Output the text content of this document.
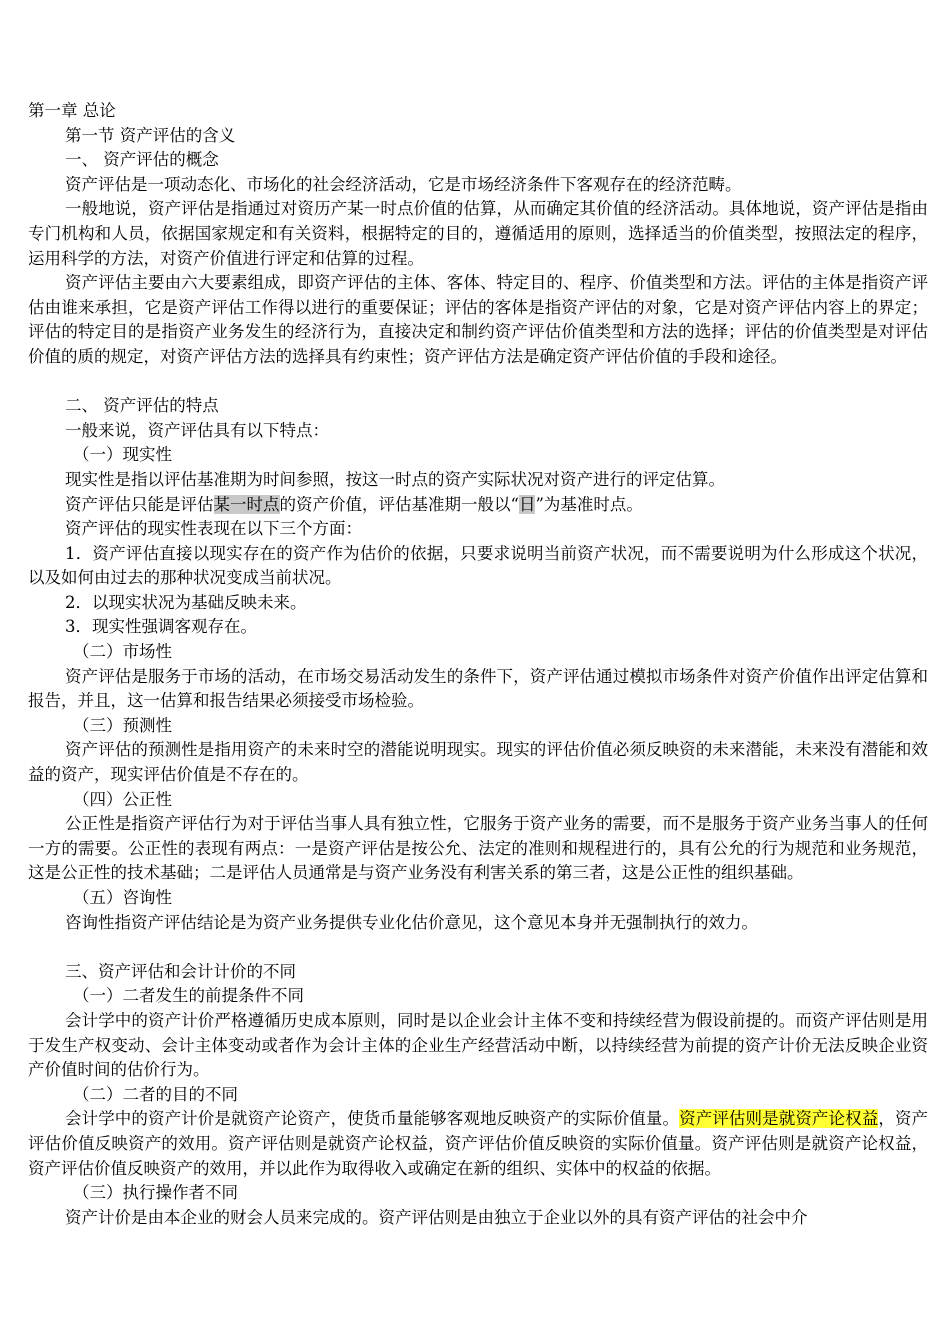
第一章 总论

第一节 资产评估的含义

一、 资产评估的概念

资产评估是一项动态化、市场化的社会经济活动，它是市场经济条件下客观存在的经济范畴。

一般地说，资产评估是指通过对资历产某一时点价值的估算，从而确定其价值的经济活动。具体地说，资产评估是指由专门机构和人员，依据国家规定和有关资料，根据特定的目的，遵循适用的原则，选择适当的价值类型，按照法定的程序，运用科学的方法，对资产价值进行评定和估算的过程。

资产评估主要由六大要素组成，即资产评估的主体、客体、特定目的、程序、价值类型和方法。评估的主体是指资产评估由谁来承担，它是资产评估工作得以进行的重要保证；评估的客体是指资产评估的对象，它是对资产评估内容上的界定；评估的特定目的是指资产业务发生的经济行为，直接决定和制约资产评估价值类型和方法的选择；评估的价值类型是对评估价值的质的规定，对资产评估方法的选择具有约束性；资产评估方法是确定资产评估价值的手段和途径。

二、 资产评估的特点

一般来说，资产评估具有以下特点：

（一）现实性

现实性是指以评估基准期为时间参照，按这一时点的资产实际状况对资产进行的评定估算。

资产评估只能是评估某一时点的资产价值，评估基准期一般以“日”为基准时点。

资产评估的现实性表现在以下三个方面：

1．资产评估直接以现实存在的资产作为估价的依据，只要求说明当前资产状况，而不需要说明为什么形成这个状况，以及如何由过去的那种状况变成当前状况。

2．以现实状况为基础反映未来。

3．现实性强调客观存在。

（二）市场性

资产评估是服务于市场的活动，在市场交易活动发生的条件下，资产评估通过模拟市场条件对资产价值作出评定估算和报告，并且，这一估算和报告结果必须接受市场检验。

（三）预测性

资产评估的预测性是指用资产的未来时空的潜能说明现实。现实的评估价值必须反映资的未来潜能，未来没有潜能和效益的资产，现实评估价值是不存在的。

（四）公正性

公正性是指资产评估行为对于评估当事人具有独立性，它服务于资产业务的需要，而不是服务于资产业务当事人的任何一方的需要。公正性的表现有两点：一是资产评估是按公允、法定的准则和规程进行的，具有公允的行为规范和业务规范，这是公正性的技术基础；二是评估人员通常是与资产业务没有利害关系的第三者，这是公正性的组织基础。

（五）咨询性

咨询性指资产评估结论是为资产业务提供专业化估价意见，这个意见本身并无强制执行的效力。

三、资产评估和会计计价的不同

（一）二者发生的前提条件不同

会计学中的资产计价严格遵循历史成本原则，同时是以企业会计主体不变和持续经营为假设前提的。而资产评估则是用于发生产权变动、会计主体变动或者作为会计主体的企业生产经营活动中断，以持续经营为前提的资产计价无法反映企业资产价值时间的估价行为。

（二）二者的目的不同

会计学中的资产计价是就资产论资产，使货币量能够客观地反映资产的实际价值量。资产评估则是就资产论权益，资产评估价值反映资产的效用。资产评估则是就资产论权益，资产评估价值反映资的实际价值量。资产评估则是就资产论权益，资产评估价值反映资产的效用，并以此作为取得收入或确定在新的组织、实体中的权益的依据。

（三）执行操作者不同

资产计价是由本企业的财会人员来完成的。资产评估则是由独立于企业以外的具有资产评估的社会中介
